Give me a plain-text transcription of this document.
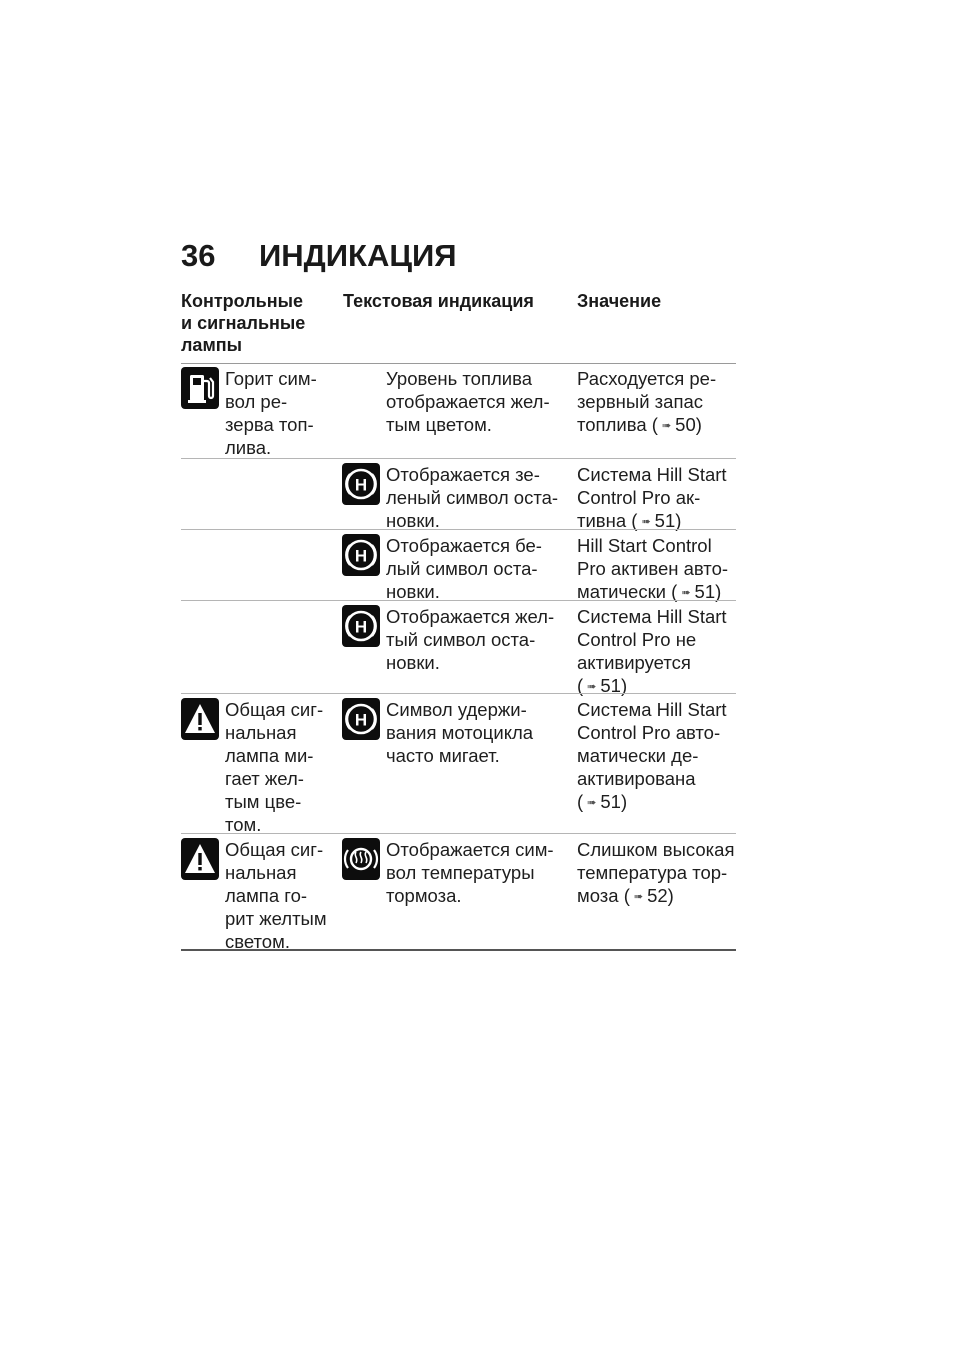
36 ИНДИКАЦИЯ
Контрольные
и сигнальные
лампы
Текстовая индикация Значение
Горит сим-
вол ре-
зерва топ-
лива.
Уровень топлива
отображается жел-
тым цветом.
Расходуется ре-
зервный запас
топлива ( ➠ 50)
H Отображается зе-
леный символ оста-
новки.
Система Hill Start
Control Pro ак-
тивна ( ➠ 51)
H Отображается бе-
лый символ оста-
новки.
Hill Start Control
Pro активен авто-
матически ( ➠ 51)
H Отображается жел-
тый символ оста-
новки.
Система Hill Start
Control Pro не
активируется
( ➠ 51)
Общая сиг-
нальная
лампа ми-
гает жел-
тым цве-
том.
H Символ удержи-
вания мотоцикла
часто мигает.
Система Hill Start
Control Pro авто-
матически де-
активирована
( ➠ 51)
Общая сиг-
нальная
лампа го-
рит желтым
светом.
Отображается сим-
вол температуры
тормоза.
Слишком высокая
температура тор-
моза ( ➠ 52)
